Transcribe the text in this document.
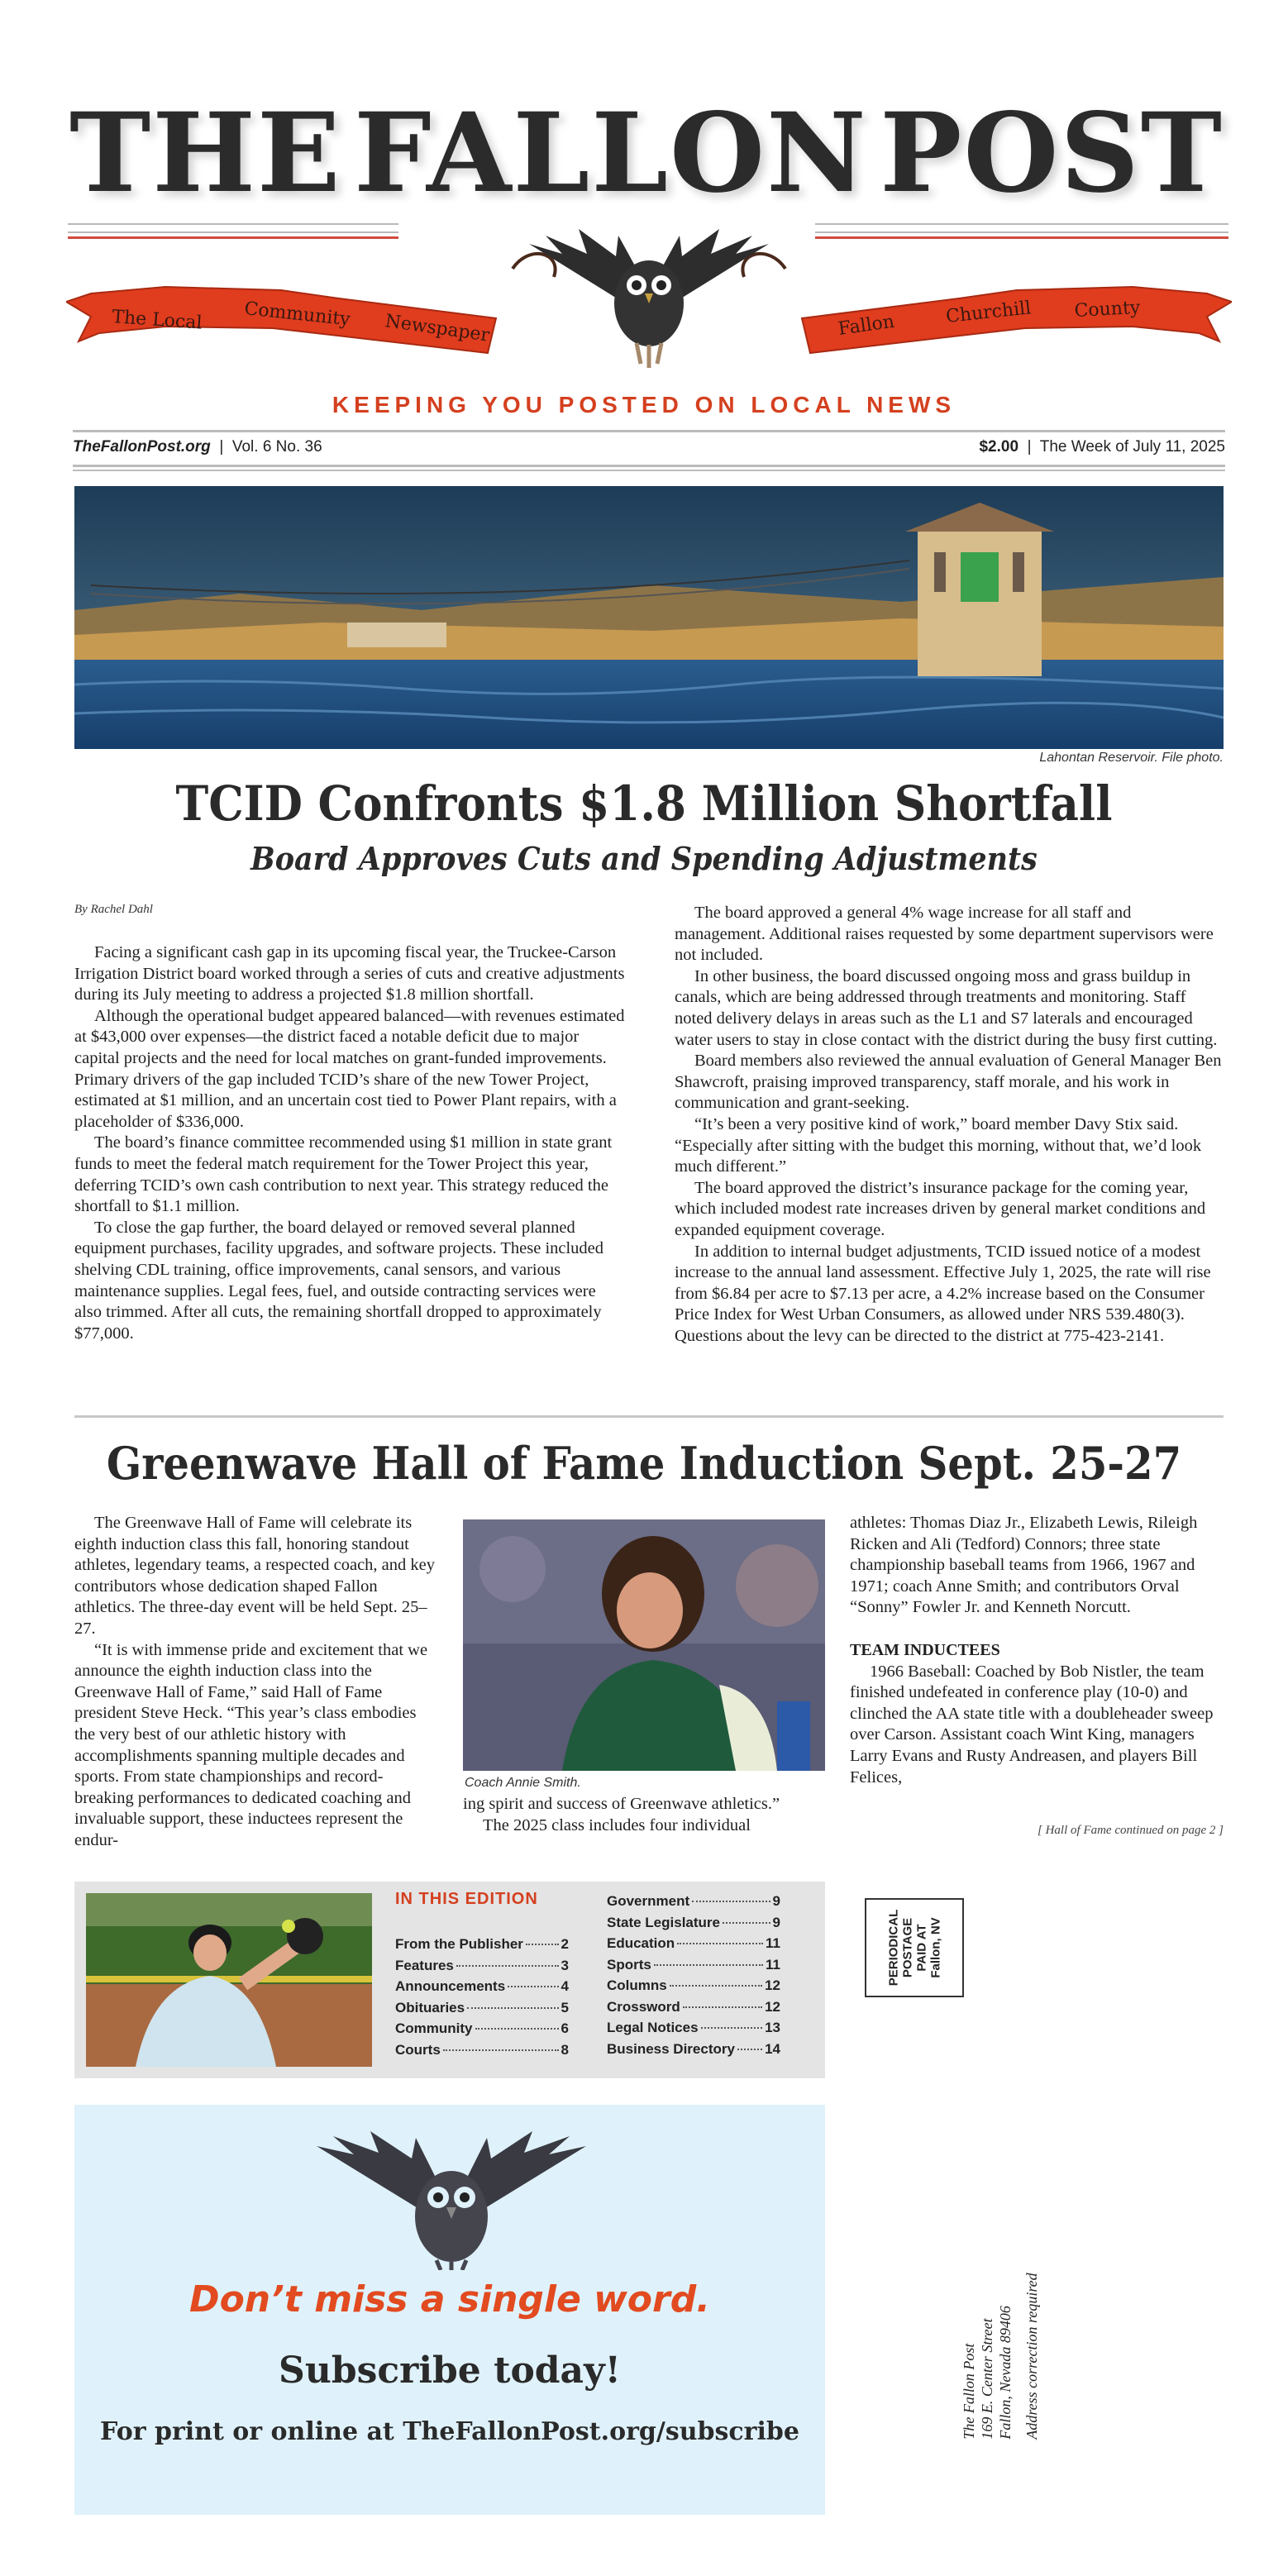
THE FALLON POST
The Local Community Newspaper	Fallon	Churchill County
KEEPING YOU POSTED ON LOCAL NEWS
TheFallonPost.org | Vol. 6 No. 36	$2.00 | The Week of July 11, 2025
Lahontan Reservoir. File photo.
TCID Confronts $1.8 Million Shortfall
Board Approves Cuts and Spending Adjustments
By Rachel Dahl

Facing a significant cash gap in its upcoming fiscal year, the Truckee-Carson Irrigation District board worked through a series of cuts and creative adjustments during its July meeting to address a projected $1.8 million shortfall.

Although the operational budget appeared balanced—with revenues estimated at $43,000 over expenses—the district faced a notable deficit due to major capital projects and the need for local matches on grant-funded improvements. Primary drivers of the gap included TCID’s share of the new Tower Project, estimated at $1 million, and an uncertain cost tied to Power Plant repairs, with a placeholder of $336,000.

The board’s finance committee recommended using $1 million in state grant funds to meet the federal match requirement for the Tower Project this year, deferring TCID’s own cash contribution to next year. This strategy reduced the shortfall to $1.1 million.

To close the gap further, the board delayed or removed several planned equipment purchases, facility upgrades, and software projects. These included shelving CDL training, office improvements, canal sensors, and various maintenance supplies. Legal fees, fuel, and outside contracting services were also trimmed. After all cuts, the remaining shortfall dropped to approximately $77,000.

The board approved a general 4% wage increase for all staff and management. Additional raises requested by some department supervisors were not included.

In other business, the board discussed ongoing moss and grass buildup in canals, which are being addressed through treatments and monitoring. Staff noted delivery delays in areas such as the L1 and S7 laterals and encouraged water users to stay in close contact with the district during the busy first cutting.

Board members also reviewed the annual evaluation of General Manager Ben Shawcroft, praising improved transparency, staff morale, and his work in communication and grant-seeking.

“It’s been a very positive kind of work,” board member Davy Stix said. “Especially after sitting with the budget this morning, without that, we’d look much different.”

The board approved the district’s insurance package for the coming year, which included modest rate increases driven by general market conditions and expanded equipment coverage.

In addition to internal budget adjustments, TCID issued notice of a modest increase to the annual land assessment. Effective July 1, 2025, the rate will rise from $6.84 per acre to $7.13 per acre, a 4.2% increase based on the Consumer Price Index for West Urban Consumers, as allowed under NRS 539.480(3). Questions about the levy can be directed to the district at 775-423-2141.

Greenwave Hall of Fame Induction Sept. 25-27

The Greenwave Hall of Fame will celebrate its eighth induction class this fall, honoring standout athletes, legendary teams, a respected coach, and key contributors whose dedication shaped Fallon athletics. The three-day event will be held Sept. 25–27.

“It is with immense pride and excitement that we announce the eighth induction class into the Greenwave Hall of Fame,” said Hall of Fame president Steve Heck. “This year’s class embodies the very best of our athletic history with accomplishments spanning multiple decades and sports. From state championships and record-breaking performances to dedicated coaching and invaluable support, these inductees represent the endur-

Coach Annie Smith.

ing spirit and success of Greenwave athletics.”

The 2025 class includes four individual

athletes: Thomas Diaz Jr., Elizabeth Lewis, Rileigh Ricken and Ali (Tedford) Connors; three state championship baseball teams from 1966, 1967 and 1971; coach Anne Smith; and contributors Orval “Sonny” Fowler Jr. and Kenneth Norcutt.

TEAM INDUCTEES

1966 Baseball: Coached by Bob Nistler, the team finished undefeated in conference play (10-0) and clinched the AA state title with a doubleheader sweep over Carson. Assistant coach Wint King, managers Larry Evans and Rusty Andreasen, and players Bill Felices,

[ Hall of Fame continued on page 2 ]
IN THIS EDITION
From the Publisher	2
Features	3
Announcements	4
Obituaries	5
Community	6
Courts	8
Government	9
State Legislature	9
Education	11
Sports	11
Columns	12
Crossword	12
Legal Notices	13
Business Directory 14
PERIODICAL POSTAGE PAID AT Fallon, NV
Don’t miss a single word.
Subscribe today!
For print or online at TheFallonPost.org/subscribe	The Fallon Post 169 E. Center Street Fallon, Nevada 89406 Address correction required
